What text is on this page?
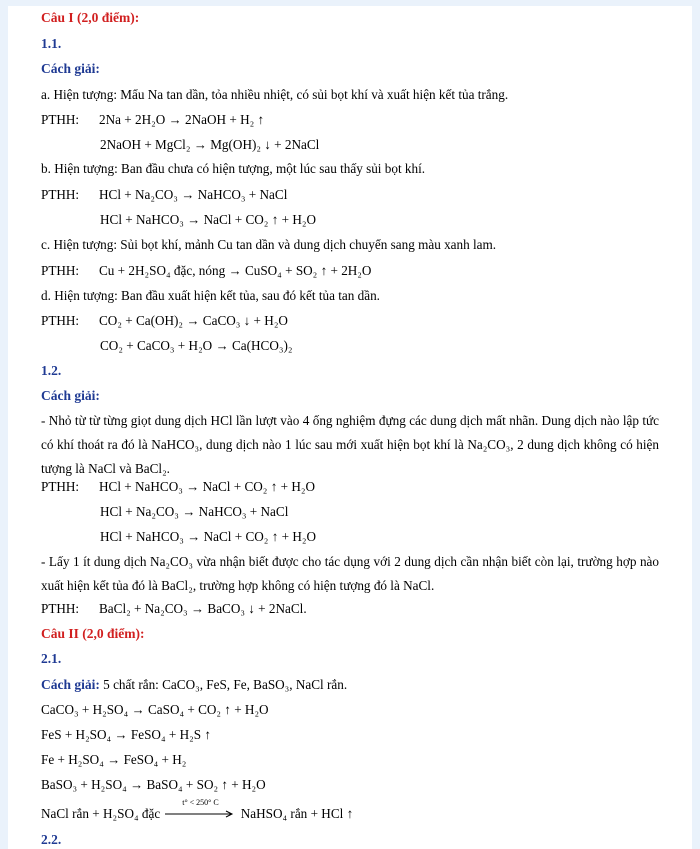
Câu I (2,0 điểm):
1.1.
Cách giải:
a. Hiện tượng: Mẩu Na tan dần, tỏa nhiều nhiệt, có sủi bọt khí và xuất hiện kết tủa trắng.
PTHH: 2Na + 2H₂O → 2NaOH + H₂ ↑
2NaOH + MgCl₂ → Mg(OH)₂ ↓ + 2NaCl
b. Hiện tượng: Ban đầu chưa có hiện tượng, một lúc sau thấy sủi bọt khí.
PTHH: HCl + Na₂CO₃ → NaHCO₃ + NaCl
HCl + NaHCO₃ → NaCl + CO₂ ↑ + H₂O
c. Hiện tượng: Sủi bọt khí, mảnh Cu tan dần và dung dịch chuyển sang màu xanh lam.
PTHH: Cu + 2H₂SO₄ đặc, nóng → CuSO₄ + SO₂ ↑ + 2H₂O
d. Hiện tượng: Ban đầu xuất hiện kết tủa, sau đó kết tủa tan dần.
PTHH: CO₂ + Ca(OH)₂ → CaCO₃ ↓ + H₂O
CO₂ + CaCO₃ + H₂O → Ca(HCO₃)₂
1.2.
Cách giải:
- Nhỏ từ từ từng giọt dung dịch HCl lần lượt vào 4 ống nghiệm đựng các dung dịch mất nhãn. Dung dịch nào lập tức có khí thoát ra đó là NaHCO₃, dung dịch nào 1 lúc sau mới xuất hiện bọt khí là Na₂CO₃, 2 dung dịch không có hiện tượng là NaCl và BaCl₂.
PTHH: HCl + NaHCO₃ → NaCl + CO₂ ↑ + H₂O
HCl + Na₂CO₃ → NaHCO₃ + NaCl
HCl + NaHCO₃ → NaCl + CO₂ ↑ + H₂O
- Lấy 1 ít dung dịch Na₂CO₃ vừa nhận biết được cho tác dụng với 2 dung dịch cần nhận biết còn lại, trường hợp nào xuất hiện kết tủa đó là BaCl₂, trường hợp không có hiện tượng đó là NaCl.
PTHH: BaCl₂ + Na₂CO₃ → BaCO₃ ↓ + 2NaCl.
Câu II (2,0 điểm):
2.1.
Cách giải: 5 chất rắn: CaCO₃, FeS, Fe, BaSO₃, NaCl rắn.
CaCO₃ + H₂SO₄ → CaSO₄ + CO₂ ↑ + H₂O
FeS + H₂SO₄ → FeSO₄ + H₂S ↑
Fe + H₂SO₄ → FeSO₄ + H₂
BaSO₃ + H₂SO₄ → BaSO₄ + SO₂ ↑ + H₂O
NaCl rắn + H₂SO₄ đặc
t° < 250° C
NaHSO₄ rắn + HCl ↑
2.2.
